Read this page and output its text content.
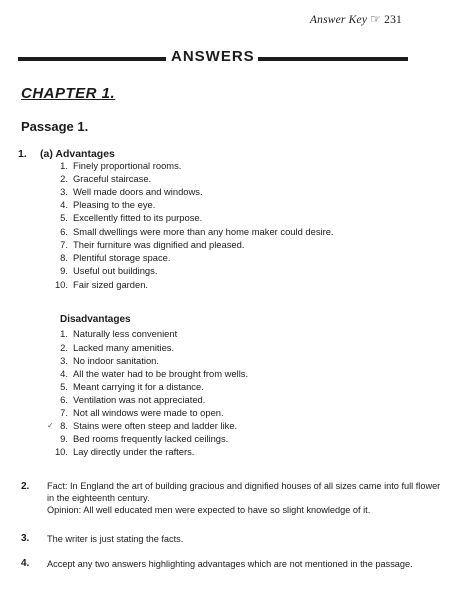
Answer Key ☞ 231
ANSWERS
CHAPTER 1.
Passage 1.
1. (a) Advantages
1. Finely proportional rooms.
2. Graceful staircase.
3. Well made doors and windows.
4. Pleasing to the eye.
5. Excellently fitted to its purpose.
6. Small dwellings were more than any home maker could desire.
7. Their furniture was dignified and pleased.
8. Plentiful storage space.
9. Useful out buildings.
10. Fair sized garden.
Disadvantages
1. Naturally less convenient
2. Lacked many amenities.
3. No indoor sanitation.
4. All the water had to be brought from wells.
5. Meant carrying it for a distance.
6. Ventilation was not appreciated.
7. Not all windows were made to open.
8. Stains were often steep and ladder like.
9. Bed rooms frequently lacked ceilings.
10. Lay directly under the rafters.
✓
2. Fact: In England the art of building gracious and dignified houses of all sizes came into full flower
in the eighteenth century.
Opinion: All well educated men were expected to have so slight knowledge of it.
3. The writer is just stating the facts.
4. Accept any two answers highlighting advantages which are not mentioned in the passage.
